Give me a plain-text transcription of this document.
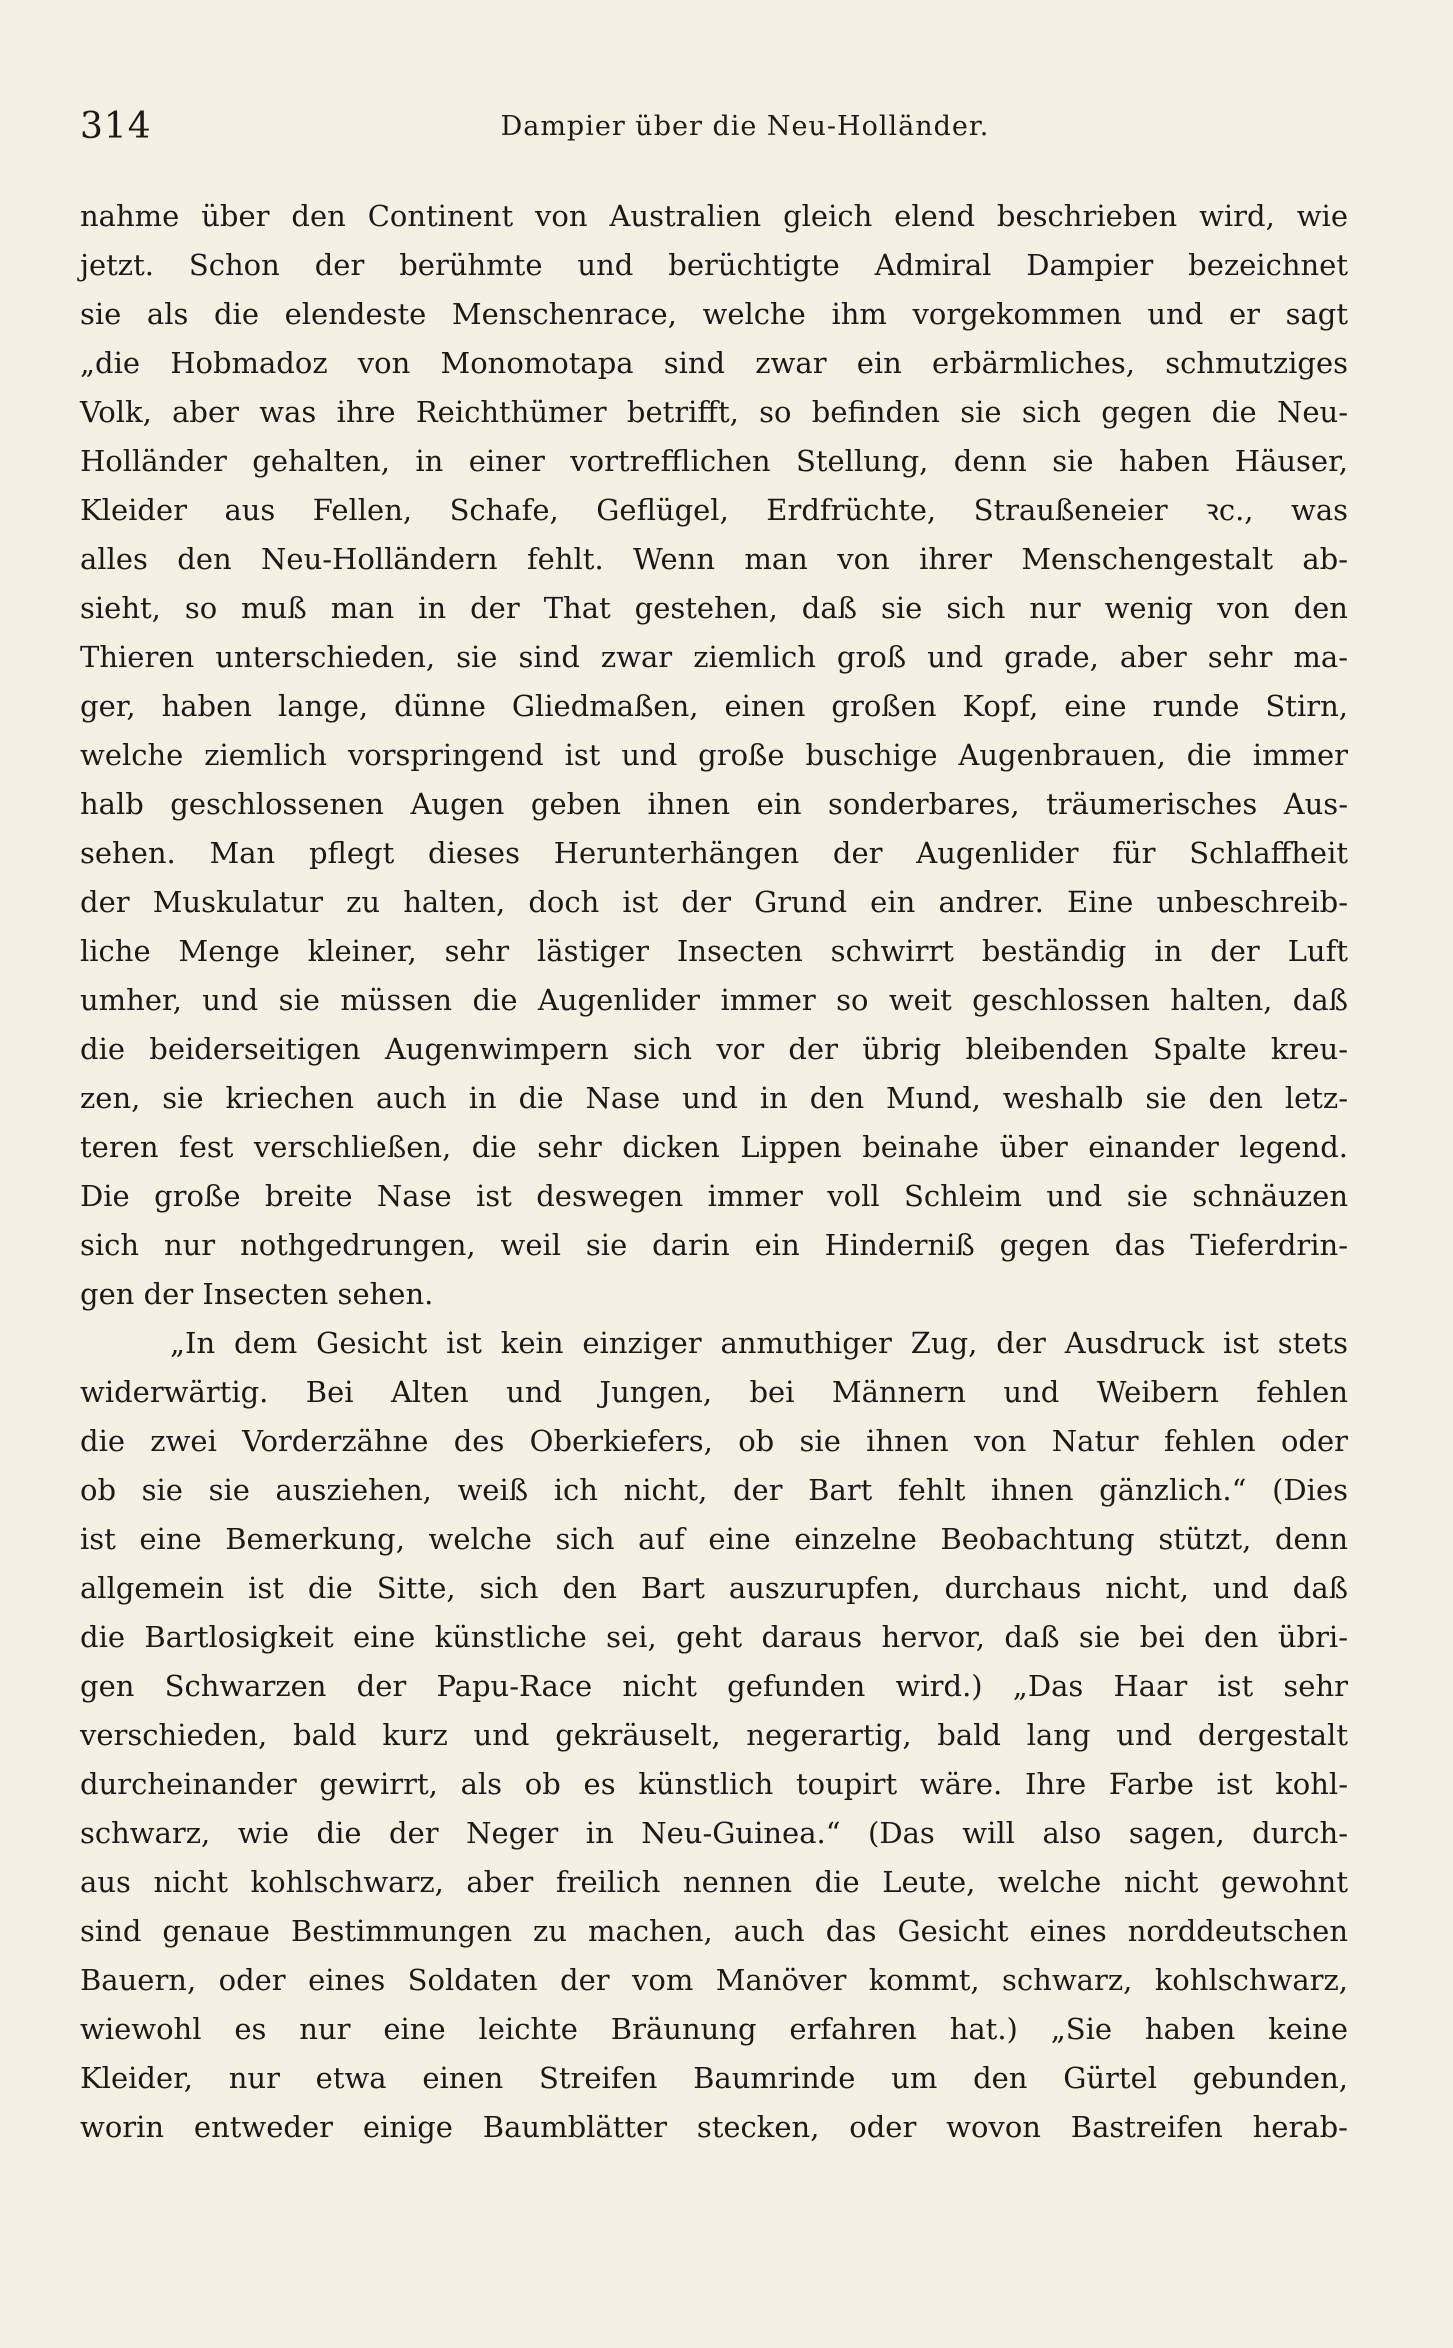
314	Dampier über die Neu-Holländer.
nahme über den Continent von Australien gleich elend beschrieben wird, wie
jetzt. Schon der berühmte und berüchtigte Admiral Dampier bezeichnet
sie als die elendeste Menschenrace, welche ihm vorgekommen und er sagt
„die Hobmadoz von Monomotapa sind zwar ein erbärmliches, schmutziges
Volk, aber was ihre Reichthümer betrifft, so befinden sie sich gegen die Neu-
Holländer gehalten, in einer vortrefflichen Stellung, denn sie haben Häuser,
Kleider aus Fellen, Schafe, Geflügel, Erdfrüchte, Straußeneier ꝛc., was
alles den Neu-Holländern fehlt. Wenn man von ihrer Menschengestalt ab-
sieht, so muß man in der That gestehen, daß sie sich nur wenig von den
Thieren unterschieden, sie sind zwar ziemlich groß und grade, aber sehr ma-
ger, haben lange, dünne Gliedmaßen, einen großen Kopf, eine runde Stirn,
welche ziemlich vorspringend ist und große buschige Augenbrauen, die immer
halb geschlossenen Augen geben ihnen ein sonderbares, träumerisches Aus-
sehen. Man pflegt dieses Herunterhängen der Augenlider für Schlaffheit
der Muskulatur zu halten, doch ist der Grund ein andrer. Eine unbeschreib-
liche Menge kleiner, sehr lästiger Insecten schwirrt beständig in der Luft
umher, und sie müssen die Augenlider immer so weit geschlossen halten, daß
die beiderseitigen Augenwimpern sich vor der übrig bleibenden Spalte kreu-
zen, sie kriechen auch in die Nase und in den Mund, weshalb sie den letz-
teren fest verschließen, die sehr dicken Lippen beinahe über einander legend.
Die große breite Nase ist deswegen immer voll Schleim und sie schnäuzen
sich nur nothgedrungen, weil sie darin ein Hinderniß gegen das Tieferdrin-
gen der Insecten sehen.
„In dem Gesicht ist kein einziger anmuthiger Zug, der Ausdruck ist stets
widerwärtig. Bei Alten und Jungen, bei Männern und Weibern fehlen
die zwei Vorderzähne des Oberkiefers, ob sie ihnen von Natur fehlen oder
ob sie sie ausziehen, weiß ich nicht, der Bart fehlt ihnen gänzlich.“ (Dies
ist eine Bemerkung, welche sich auf eine einzelne Beobachtung stützt, denn
allgemein ist die Sitte, sich den Bart auszurupfen, durchaus nicht, und daß
die Bartlosigkeit eine künstliche sei, geht daraus hervor, daß sie bei den übri-
gen Schwarzen der Papu-Race nicht gefunden wird.) „Das Haar ist sehr
verschieden, bald kurz und gekräuselt, negerartig, bald lang und dergestalt
durcheinander gewirrt, als ob es künstlich toupirt wäre. Ihre Farbe ist kohl-
schwarz, wie die der Neger in Neu-Guinea.“ (Das will also sagen, durch-
aus nicht kohlschwarz, aber freilich nennen die Leute, welche nicht gewohnt
sind genaue Bestimmungen zu machen, auch das Gesicht eines norddeutschen
Bauern, oder eines Soldaten der vom Manöver kommt, schwarz, kohlschwarz,
wiewohl es nur eine leichte Bräunung erfahren hat.) „Sie haben keine
Kleider, nur etwa einen Streifen Baumrinde um den Gürtel gebunden,
worin entweder einige Baumblätter stecken, oder wovon Bastreifen herab-
